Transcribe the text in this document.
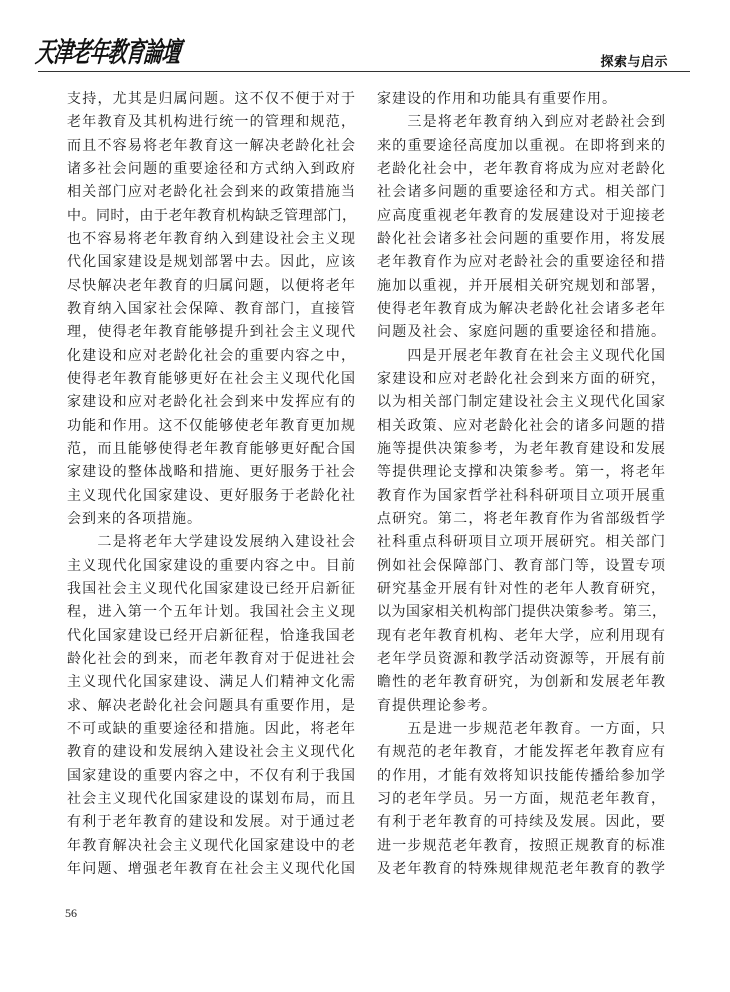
天津老年教育論壇	探索与启示
支持，尤其是归属问题。这不仅不便于对于
老年教育及其机构进行统一的管理和规范，
而且不容易将老年教育这一解决老龄化社会
诸多社会问题的重要途径和方式纳入到政府
相关部门应对老龄化社会到来的政策措施当
中。同时，由于老年教育机构缺乏管理部门，
也不容易将老年教育纳入到建设社会主义现
代化国家建设是规划部署中去。因此，应该
尽快解决老年教育的归属问题，以便将老年
教育纳入国家社会保障、教育部门，直接管
理，使得老年教育能够提升到社会主义现代
化建设和应对老龄化社会的重要内容之中，
使得老年教育能够更好在社会主义现代化国
家建设和应对老龄化社会到来中发挥应有的
功能和作用。这不仅能够使老年教育更加规
范，而且能够使得老年教育能够更好配合国
家建设的整体战略和措施、更好服务于社会
主义现代化国家建设、更好服务于老龄化社
会到来的各项措施。
二是将老年大学建设发展纳入建设社会
主义现代化国家建设的重要内容之中。目前
我国社会主义现代化国家建设已经开启新征
程，进入第一个五年计划。我国社会主义现
代化国家建设已经开启新征程，恰逢我国老
龄化社会的到来，而老年教育对于促进社会
主义现代化国家建设、满足人们精神文化需
求、解决老龄化社会问题具有重要作用，是
不可或缺的重要途径和措施。因此，将老年
教育的建设和发展纳入建设社会主义现代化
国家建设的重要内容之中，不仅有利于我国
社会主义现代化国家建设的谋划布局，而且
有利于老年教育的建设和发展。对于通过老
年教育解决社会主义现代化国家建设中的老
年问题、增强老年教育在社会主义现代化国
家建设的作用和功能具有重要作用。
三是将老年教育纳入到应对老龄社会到
来的重要途径高度加以重视。在即将到来的
老龄化社会中，老年教育将成为应对老龄化
社会诸多问题的重要途径和方式。相关部门
应高度重视老年教育的发展建设对于迎接老
龄化社会诸多社会问题的重要作用，将发展
老年教育作为应对老龄社会的重要途径和措
施加以重视，并开展相关研究规划和部署，
使得老年教育成为解决老龄化社会诸多老年
问题及社会、家庭问题的重要途径和措施。
四是开展老年教育在社会主义现代化国
家建设和应对老龄化社会到来方面的研究，
以为相关部门制定建设社会主义现代化国家
相关政策、应对老龄化社会的诸多问题的措
施等提供决策参考，为老年教育建设和发展
等提供理论支撑和决策参考。第一，将老年
教育作为国家哲学社科科研项目立项开展重
点研究。第二，将老年教育作为省部级哲学
社科重点科研项目立项开展研究。相关部门
例如社会保障部门、教育部门等，设置专项
研究基金开展有针对性的老年人教育研究，
以为国家相关机构部门提供决策参考。第三，
现有老年教育机构、老年大学，应利用现有
老年学员资源和教学活动资源等，开展有前
瞻性的老年教育研究，为创新和发展老年教
育提供理论参考。
五是进一步规范老年教育。一方面，只
有规范的老年教育，才能发挥老年教育应有
的作用，才能有效将知识技能传播给参加学
习的老年学员。另一方面，规范老年教育，
有利于老年教育的可持续及发展。因此，要
进一步规范老年教育，按照正规教育的标准
及老年教育的特殊规律规范老年教育的教学
56
